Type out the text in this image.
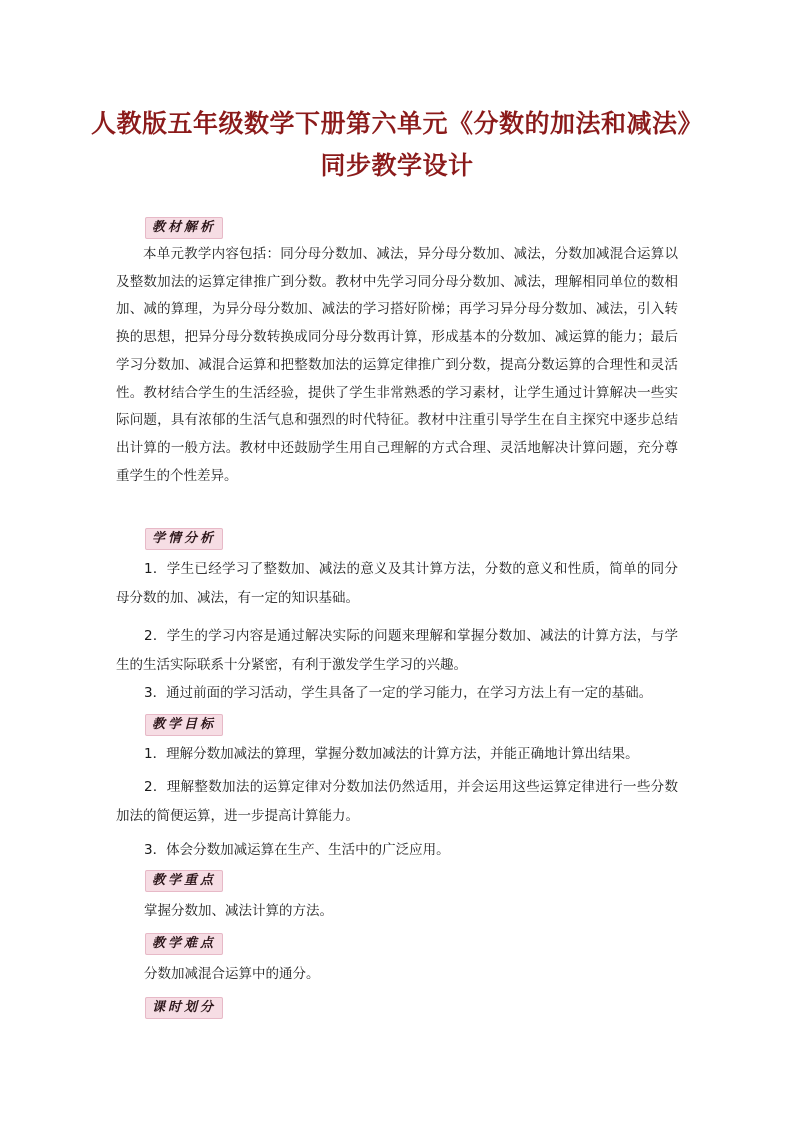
人教版五年级数学下册第六单元《分数的加法和减法》
同步教学设计
教材解析
本单元教学内容包括：同分母分数加、减法，异分母分数加、减法，分数加减混合运算以及整数加法的运算定律推广到分数。教材中先学习同分母分数加、减法，理解相同单位的数相加、减的算理，为异分母分数加、减法的学习搭好阶梯；再学习异分母分数加、减法，引入转换的思想，把异分母分数转换成同分母分数再计算，形成基本的分数加、减运算的能力；最后学习分数加、减混合运算和把整数加法的运算定律推广到分数，提高分数运算的合理性和灵活性。教材结合学生的生活经验，提供了学生非常熟悉的学习素材，让学生通过计算解决一些实际问题，具有浓郁的生活气息和强烈的时代特征。教材中注重引导学生在自主探究中逐步总结出计算的一般方法。教材中还鼓励学生用自己理解的方式合理、灵活地解决计算问题，充分尊重学生的个性差异。
学情分析
1．学生已经学习了整数加、减法的意义及其计算方法，分数的意义和性质，简单的同分母分数的加、减法，有一定的知识基础。
2．学生的学习内容是通过解决实际的问题来理解和掌握分数加、减法的计算方法，与学生的生活实际联系十分紧密，有利于激发学生学习的兴趣。
3．通过前面的学习活动，学生具备了一定的学习能力，在学习方法上有一定的基础。
教学目标
1．理解分数加减法的算理，掌握分数加减法的计算方法，并能正确地计算出结果。
2．理解整数加法的运算定律对分数加法仍然适用，并会运用这些运算定律进行一些分数加法的简便运算，进一步提高计算能力。
3．体会分数加减运算在生产、生活中的广泛应用。
教学重点
掌握分数加、减法计算的方法。
教学难点
分数加减混合运算中的通分。
课时划分
